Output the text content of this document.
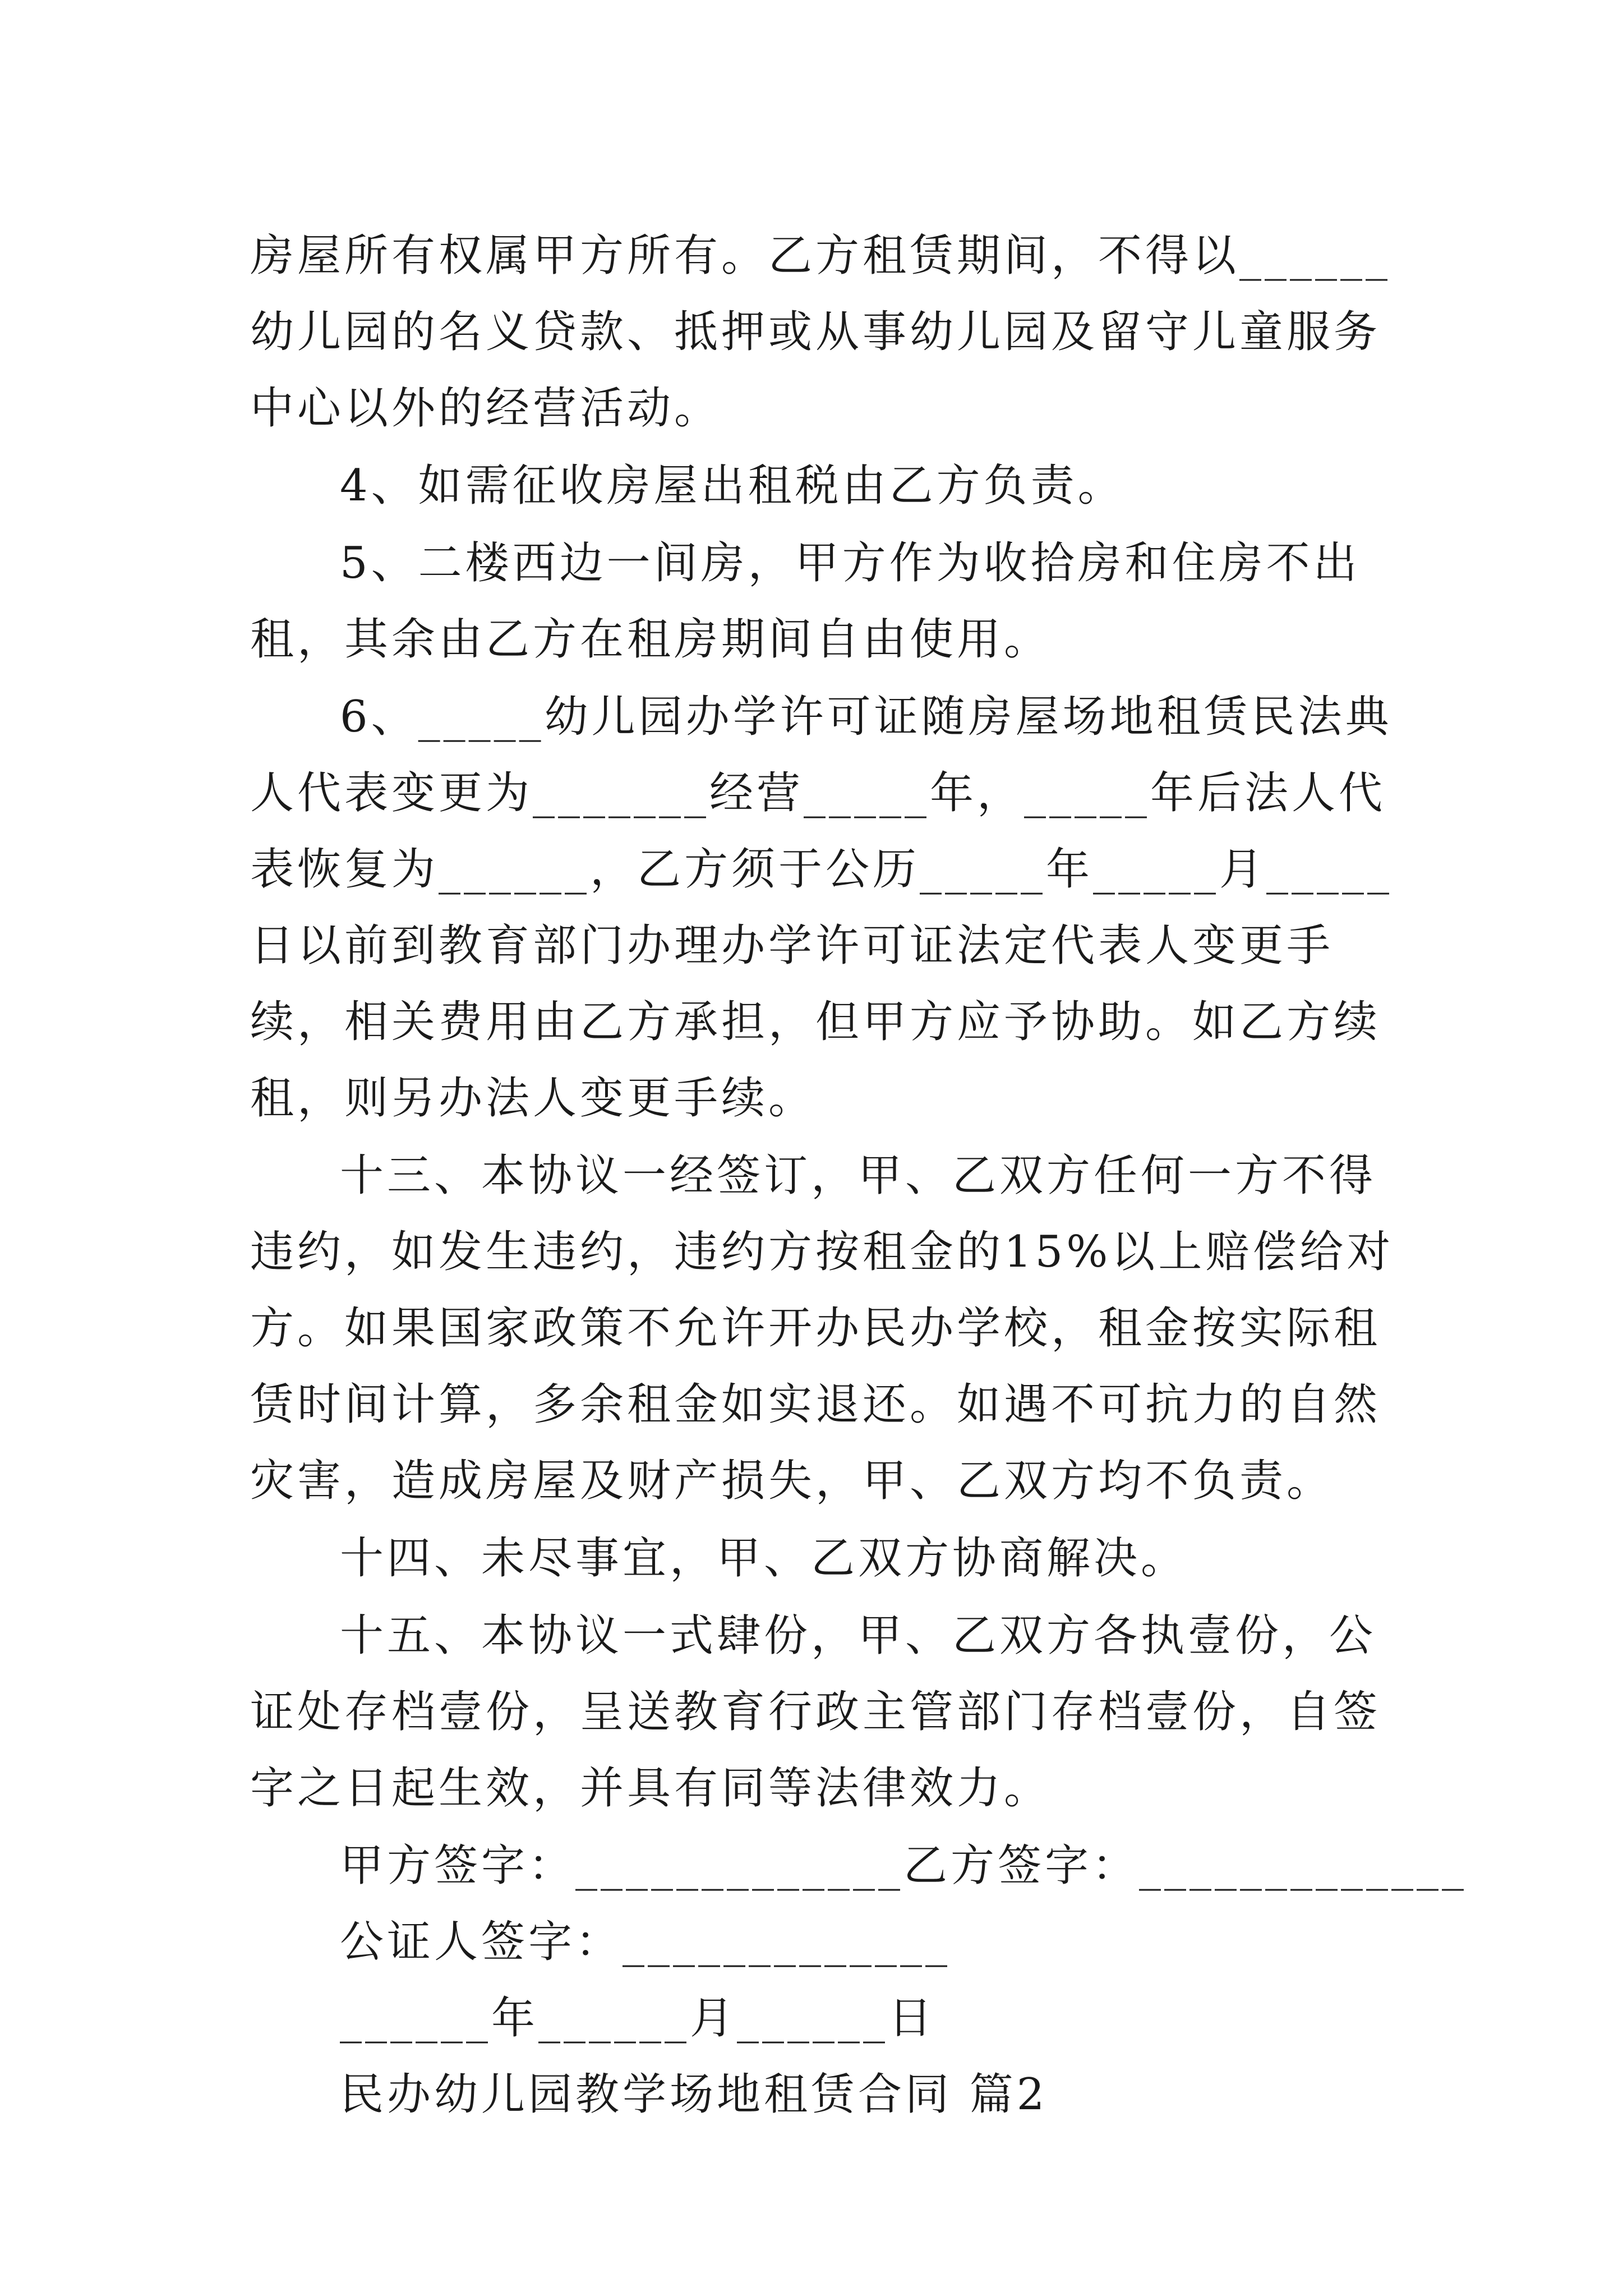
房屋所有权属甲方所有。乙方租赁期间，不得以______幼儿园的名义贷款、抵押或从事幼儿园及留守儿童服务中心以外的经营活动。

4、如需征收房屋出租税由乙方负责。

5、二楼西边一间房，甲方作为收拾房和住房不出租，其余由乙方在租房期间自由使用。

6、_____幼儿园办学许可证随房屋场地租赁民法典人代表变更为_______经营_____年，_____年后法人代表恢复为______，乙方须于公历_____年_____月_____日以前到教育部门办理办学许可证法定代表人变更手续，相关费用由乙方承担，但甲方应予协助。如乙方续租，则另办法人变更手续。

十三、本协议一经签订，甲、乙双方任何一方不得违约，如发生违约，违约方按租金的15%以上赔偿给对方。如果国家政策不允许开办民办学校，租金按实际租赁时间计算，多余租金如实退还。如遇不可抗力的自然灾害，造成房屋及财产损失，甲、乙双方均不负责。

十四、未尽事宜，甲、乙双方协商解决。

十五、本协议一式肆份，甲、乙双方各执壹份，公证处存档壹份，呈送教育行政主管部门存档壹份，自签字之日起生效，并具有同等法律效力。

甲方签字：_____________乙方签字：_____________

公证人签字：_____________

______年______月______日

民办幼儿园教学场地租赁合同 篇2
